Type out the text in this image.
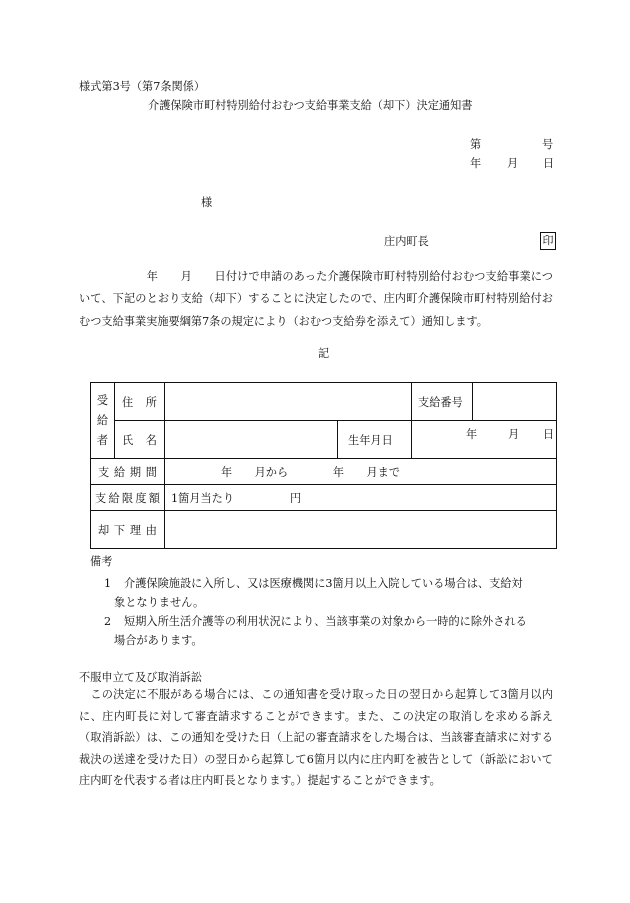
様式第3号（第7条関係）
介護保険市町村特別給付おむつ支給事業支給（却下）決定通知書
第	号
年 月 日
様
庄内町長	印
　　　　　　年　　月　　日付けで申請のあった介護保険市町村特別給付おむつ支給事業について、下記のとおり支給（却下）することに決定したので、庄内町介護保険市町村特別給付おむつ支給事業実施要綱第7条の規定により（おむつ支給券を添えて）通知します。
記
受給者	住所			支給番号	

	氏名		生年月日	年 月 日	

支給期間		年　　月から　　　　年　　月まで			

支給限度額		1箇月当たり　　　　　円			

却下理由					

備考
1 介護保険施設に入所し、又は医療機関に3箇月以上入院している場合は、支給対
象となりません。
2 短期入所生活介護等の利用状況により、当該事業の対象から一時的に除外される
場合があります。
不服申立て及び取消訴訟
　この決定に不服がある場合には、この通知書を受け取った日の翌日から起算して3箇月以内に、庄内町長に対して審査請求することができます。また、この決定の取消しを求める訴え（取消訴訟）は、この通知を受けた日（上記の審査請求をした場合は、当該審査請求に対する裁決の送達を受けた日）の翌日から起算して6箇月以内に庄内町を被告として（訴訟において庄内町を代表する者は庄内町長となります。）提起することができます。
